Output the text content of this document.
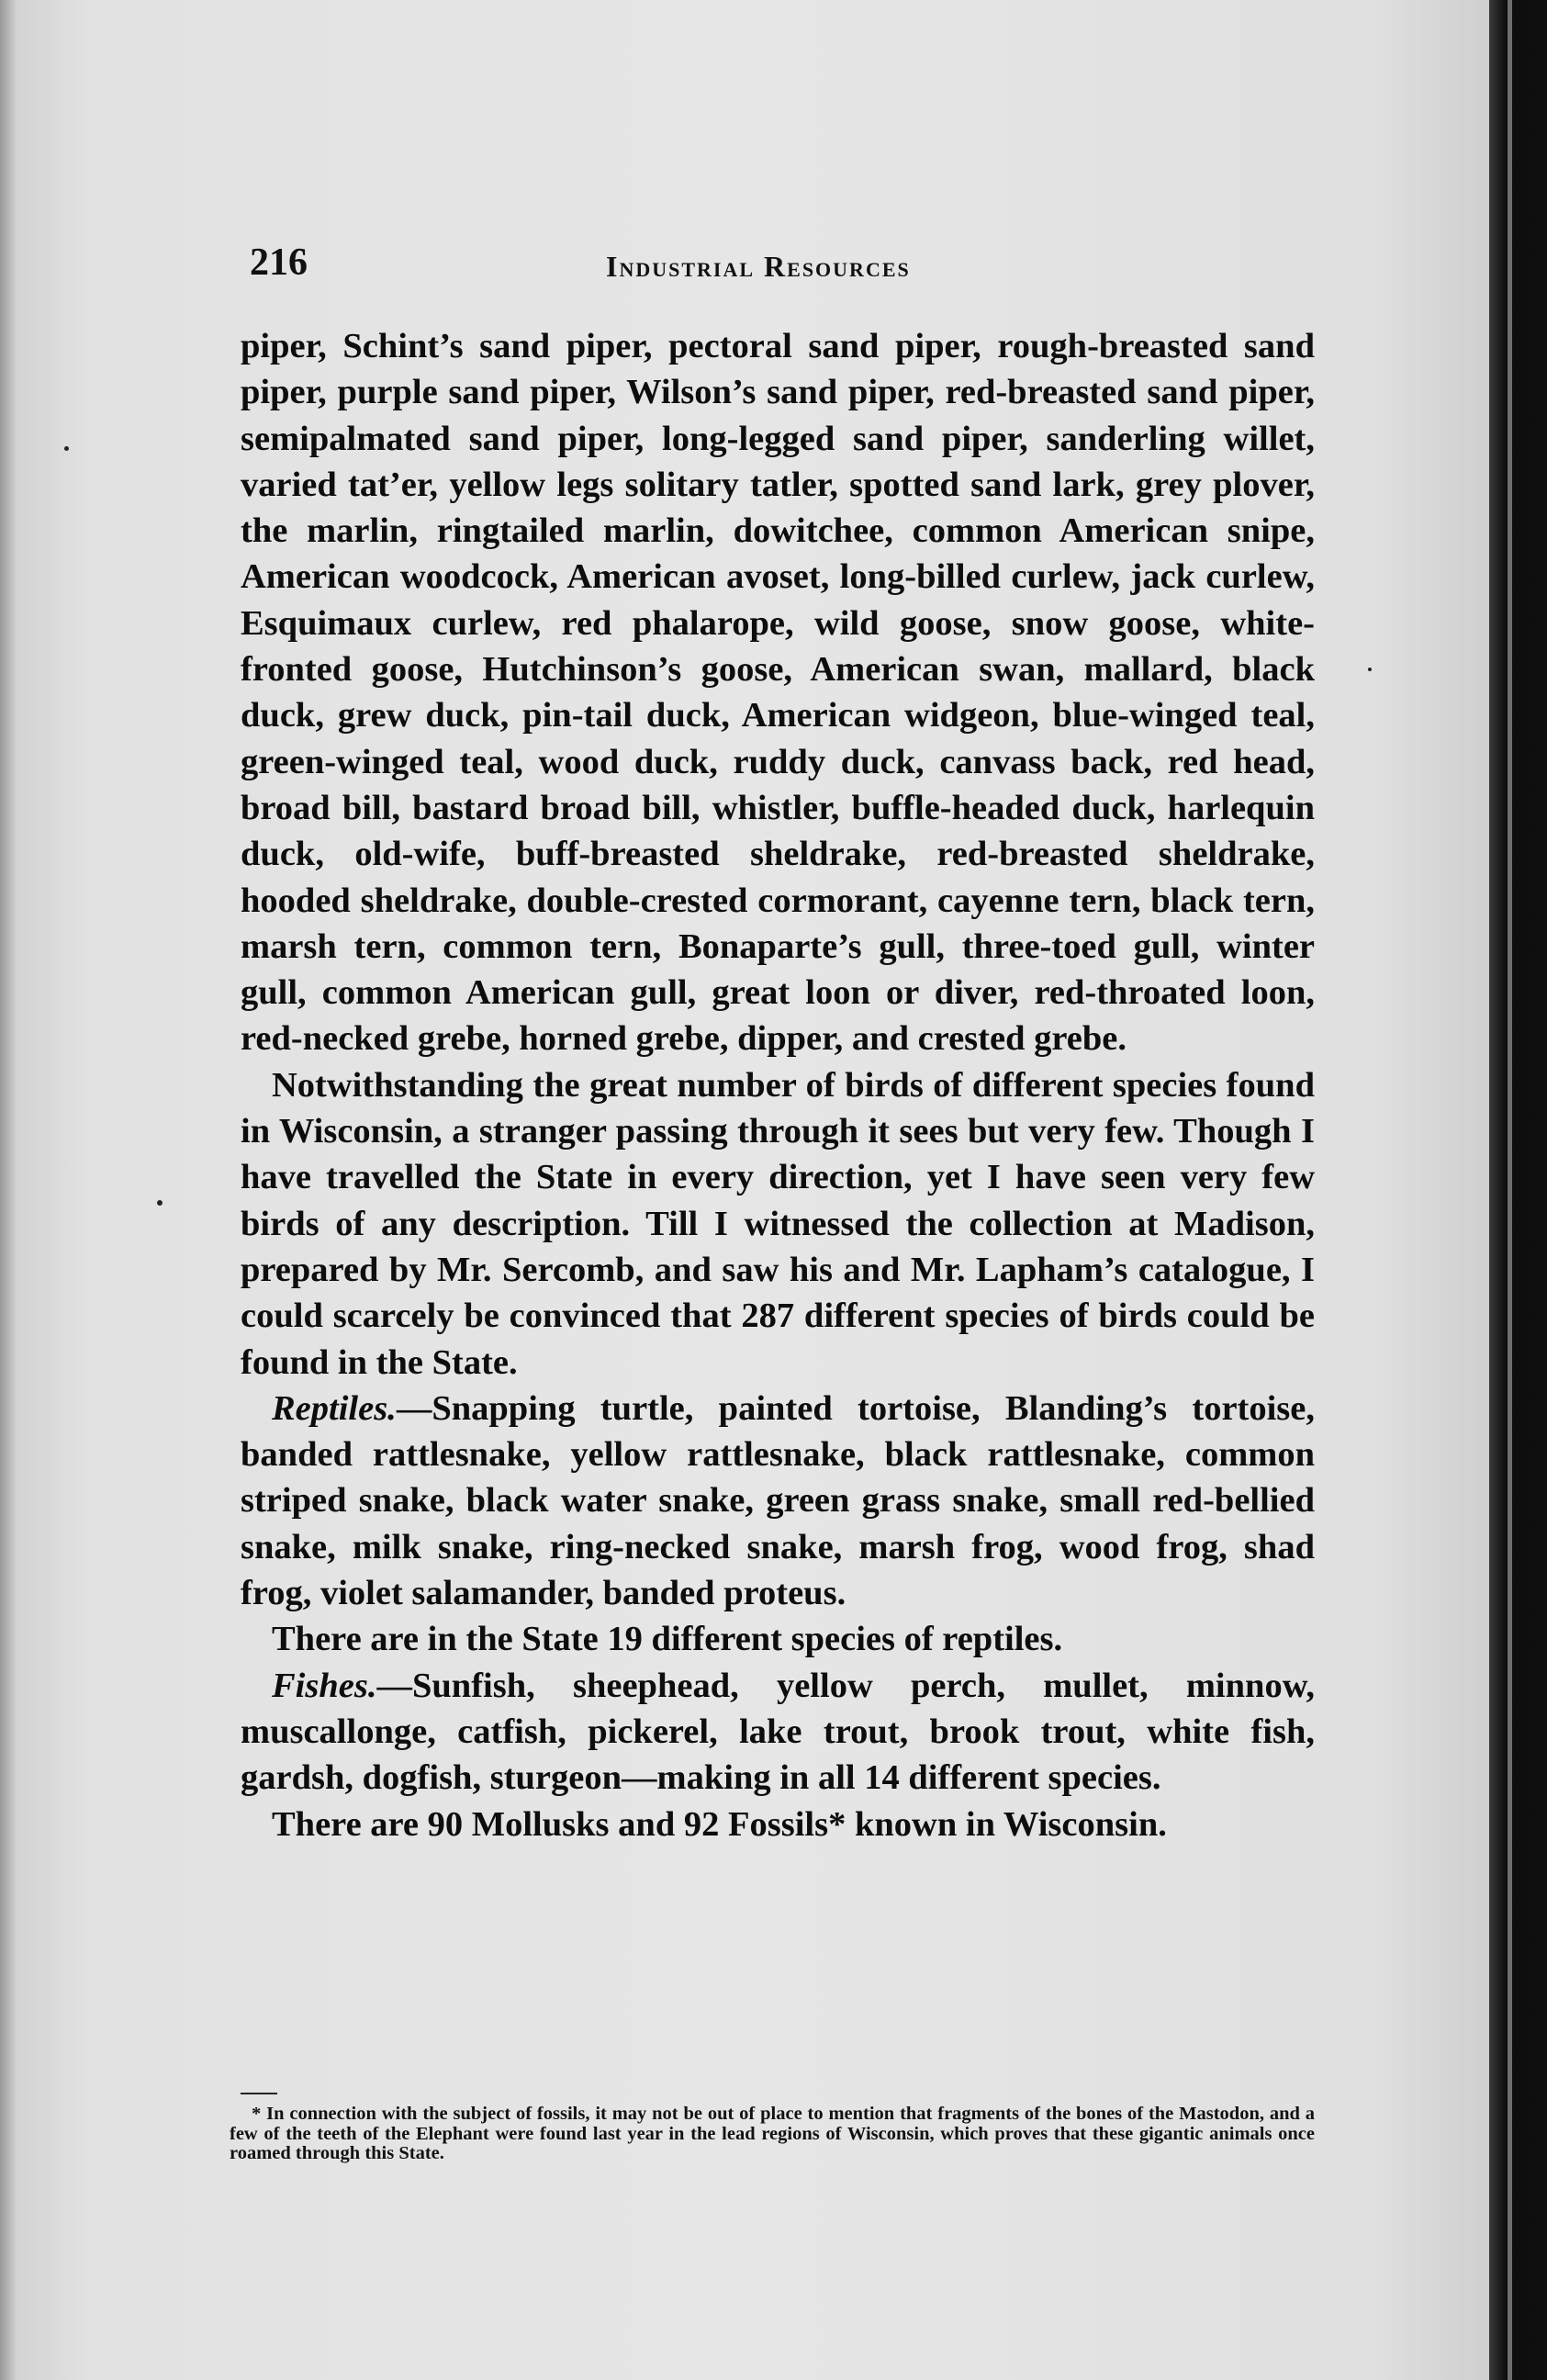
216	Industrial Resources

piper, Schint’s sand piper, pectoral sand piper, rough-breasted sand piper, purple sand piper, Wilson’s sand piper, red-breasted sand piper, semipalmated sand piper, long-legged sand piper, sanderling willet, varied tat’er, yellow legs solitary tatler, spotted sand lark, grey plover, the marlin, ringtailed marlin, dowitchee, common American snipe, American woodcock, American avoset, long-billed curlew, jack curlew, Esquimaux curlew, red phalarope, wild goose, snow goose, white-fronted goose, Hutchinson’s goose, American swan, mallard, black duck, grew duck, pin-tail duck, American widgeon, blue-winged teal, green-winged teal, wood duck, ruddy duck, canvass back, red head, broad bill, bastard broad bill, whistler, buffle-headed duck, harlequin duck, old-wife, buff-breasted sheldrake, red-breasted sheldrake, hooded sheldrake, double-crested cormorant, cayenne tern, black tern, marsh tern, common tern, Bonaparte’s gull, three-toed gull, winter gull, common American gull, great loon or diver, red-throated loon, red-necked grebe, horned grebe, dipper, and crested grebe.

Notwithstanding the great number of birds of different species found in Wisconsin, a stranger passing through it sees but very few. Though I have travelled the State in every direction, yet I have seen very few birds of any description. Till I witnessed the collection at Madison, prepared by Mr. Sercomb, and saw his and Mr. Lapham’s catalogue, I could scarcely be convinced that 287 different species of birds could be found in the State.

Reptiles.—Snapping turtle, painted tortoise, Blanding’s tortoise, banded rattlesnake, yellow rattlesnake, black rattlesnake, common striped snake, black water snake, green grass snake, small red-bellied snake, milk snake, ring-necked snake, marsh frog, wood frog, shad frog, violet salamander, banded proteus.

There are in the State 19 different species of reptiles.

Fishes.—Sunfish, sheephead, yellow perch, mullet, minnow, muscallonge, catfish, pickerel, lake trout, brook trout, white fish, gardsh, dogfish, sturgeon—making in all 14 different species.

There are 90 Mollusks and 92 Fossils* known in Wisconsin.

* In connection with the subject of fossils, it may not be out of place to mention that fragments of the bones of the Mastodon, and a few of the teeth of the Elephant were found last year in the lead regions of Wisconsin, which proves that these gigantic animals once roamed through this State.
